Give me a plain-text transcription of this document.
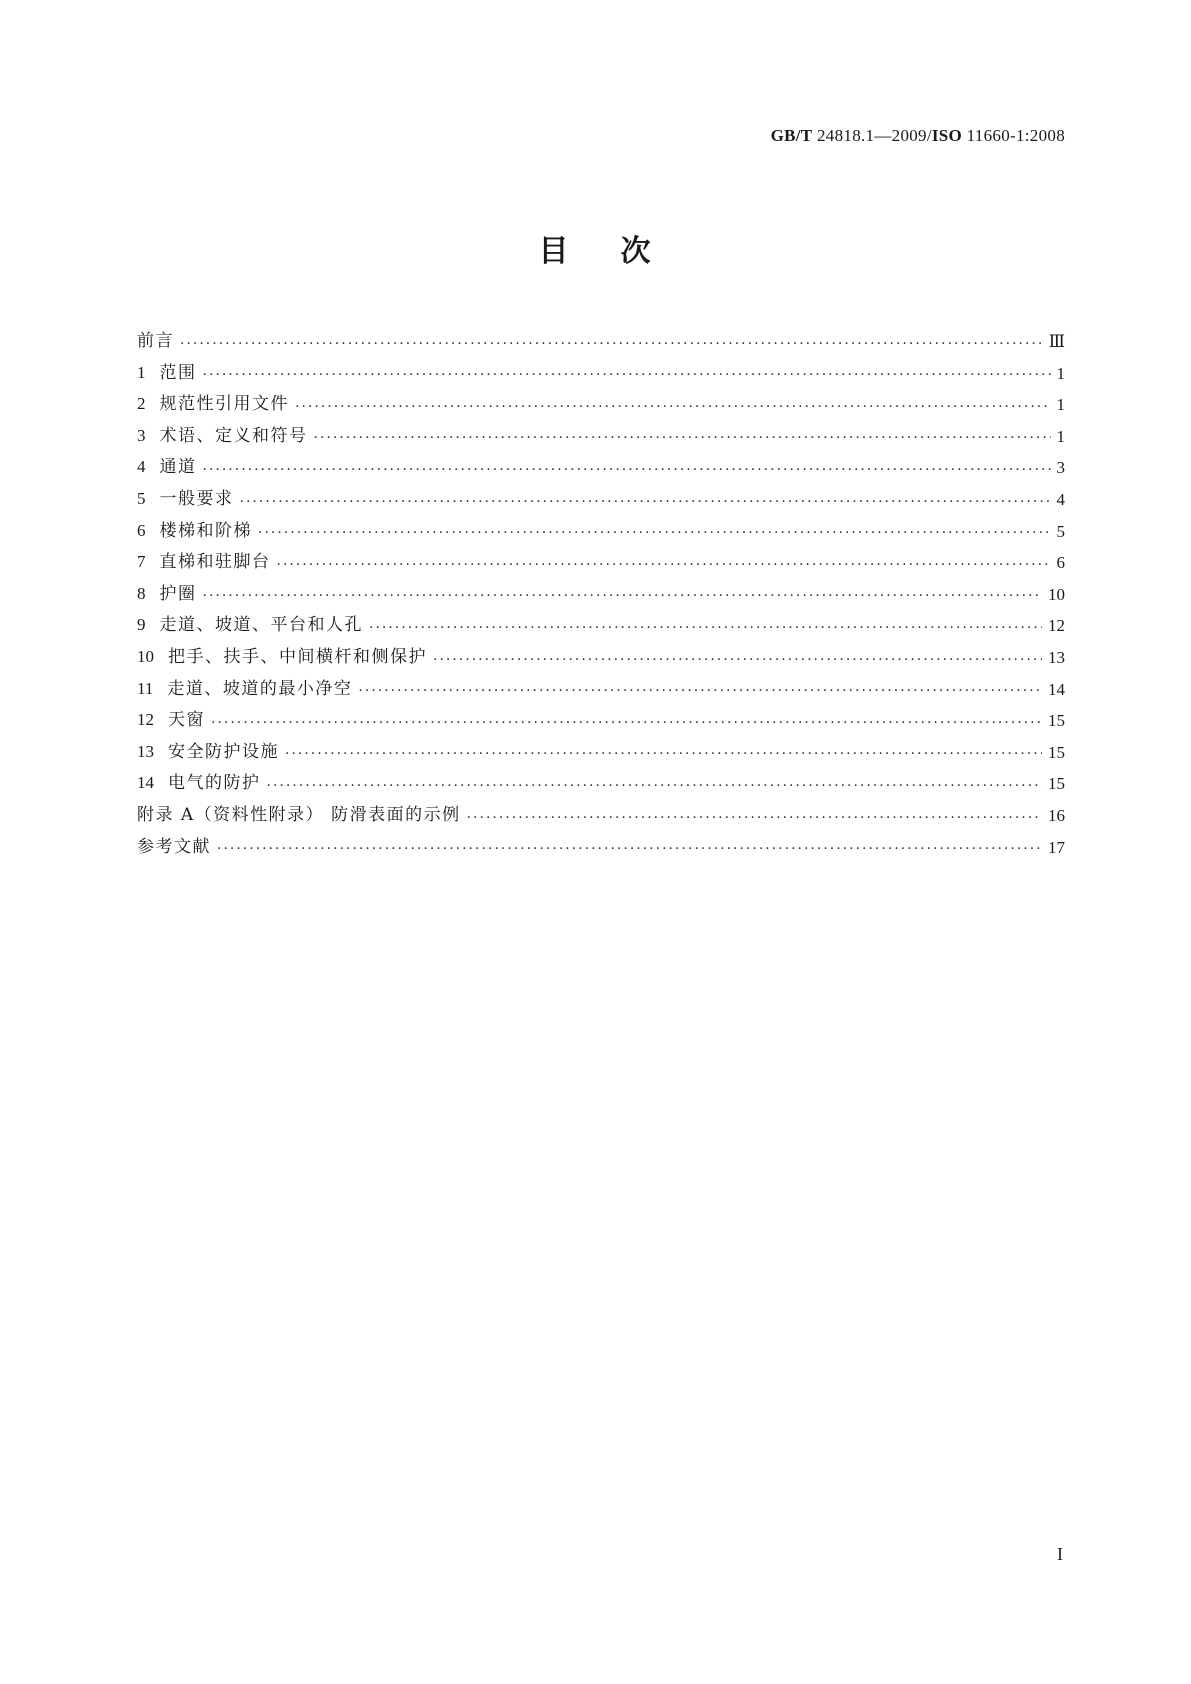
GB/T 24818.1—2009/ISO 11660-1:2008
目 次
前言 ·····	Ⅲ
1 范围 ·····	1
2 规范性引用文件 ·····	1
3 术语、定义和符号 ·····	1
4 通道 ·····	3
5 一般要求 ·····	4
6 楼梯和阶梯 ·····	5
7 直梯和驻脚台 ·····	6
8 护圈 ·····	10
9 走道、坡道、平台和人孔 ·····	12
10 把手、扶手、中间横杆和侧保护 ·····	13
11 走道、坡道的最小净空 ·····	14
12 天窗 ·····	15
13 安全防护设施 ·····	15
14 电气的防护 ·····	15
附录 A（资料性附录） 防滑表面的示例 ·····	16
参考文献 ·····	17
I
